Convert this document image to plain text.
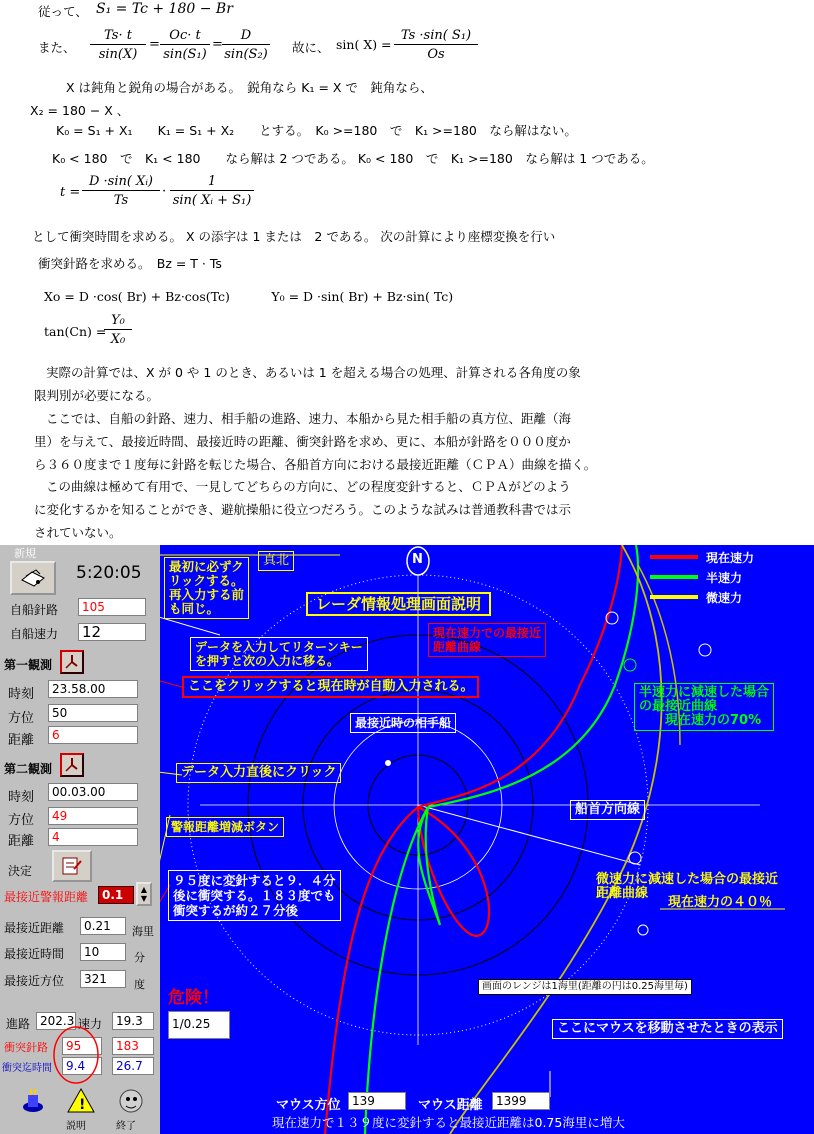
従って、 S₁ = Tc + 180 − Br
また、 $\frac{Ts\cdot t}{\sin(X)} = \frac{Oc\cdot t}{\text{sin(S₁)}} = \frac{D}{\text{sin(S₂)}}$ 故に、 sin( $X) = \frac{\text{Ts ·sin( S₁)}}{Os}$
X は鈍角と鋭角の場合がある。　鋭角なら K₁ = X で　鈍角なら、
X₂ = 180 − X 、
K₀ = S₁ + X₁　　K₁ = S₁ + X₂　　とする。　K₀ >=180　で　K₁ >=180　なら解はない。
K₀ < 180　で　K₁ < 180　　なら解は 2 つである。 K₀ < 180　で　K₁ >=180　なら解は 1 つである。
$t = \frac{\text{D ·sin( Xᵢ)}}{Ts} \cdot \frac{1}{\text{sin( Xᵢ + S₁)}}$
として衝突時間を求める。 X の添字は 1 または　2 である。 次の計算により座標変換を行い
衝突針路を求める。　Bz = T · Ts
Xo = D ·cos( Br) + Bz·cos(Tc)　　　 Y₀ = D ·sin( Br) + Bz·sin( Tc)
tan(Cn) =
$\frac{\text{Y₀}}{\text{X₀}}$
実際の計算では、X が 0 や 1 のとき、あるいは 1 を超える場合の処理、計算される各角度の象
限判別が必要になる。
ここでは、自船の針路、速力、相手船の進路、速力、本船から見た相手船の真方位、距離（海
里）を与えて、最接近時間、最接近時の距離、衝突針路を求め、更に、本船が針路を０００度か
ら３６０度まで１度毎に針路を転じた場合、各船首方向における最接近距離（ＣＰＡ）曲線を描く。
この曲線は極めて有用で、一見してどちらの方向に、どの程度変針すると、ＣＰＡがどのよう
に変化するかを知ることができ、避航操船に役立つだろう。このような試みは普通教科書では示
されていない。
新規
5:20:05
自船針路	105
自船速力 12
第一観測
時刻	23.58.00
方位	50
距離	6
第二観測
時刻	00.03.00
方位	49
距離	4
決定
最接近警報距離	0.1	▲
▼
最接近距離	0.21	海里
最接近時間	10	分
最接近方位	321	度
進路 202.3 速力	19.3
衝突針路	95	183
衝突迄時間	9.4	26.7
!
説明	終了
N
真北	現在速力
半速力
微速力
最初に必ずク
リックする。
再入力する前
も同じ。	レーダ情報処理画面説明
データを入力してリターンキー
を押すと次の入力に移る。
現在速力での最接近
距離曲線
ここをクリックすると現在時が自動入力される。	半速力に減速した場合
の最接近曲線
　　現在速力の70%
最接近時の相手船
データ入力直後にクリック
船首方向線
警報距離増減ボタン
微速力に減速した場合の最接近
距離曲線
現在速力の４０％
９５度に変針すると９．４分
後に衝突する。１８３度でも
衝突するが約２７分後
危険！
画面のレンジは1海里(距離の円は0.25海里毎)
1/0.25	ここにマウスを移動させたときの表示
マウス方位 139	マウス距離	1399
現在速力で１３９度に変針すると最接近距離は0.75海里に増大
